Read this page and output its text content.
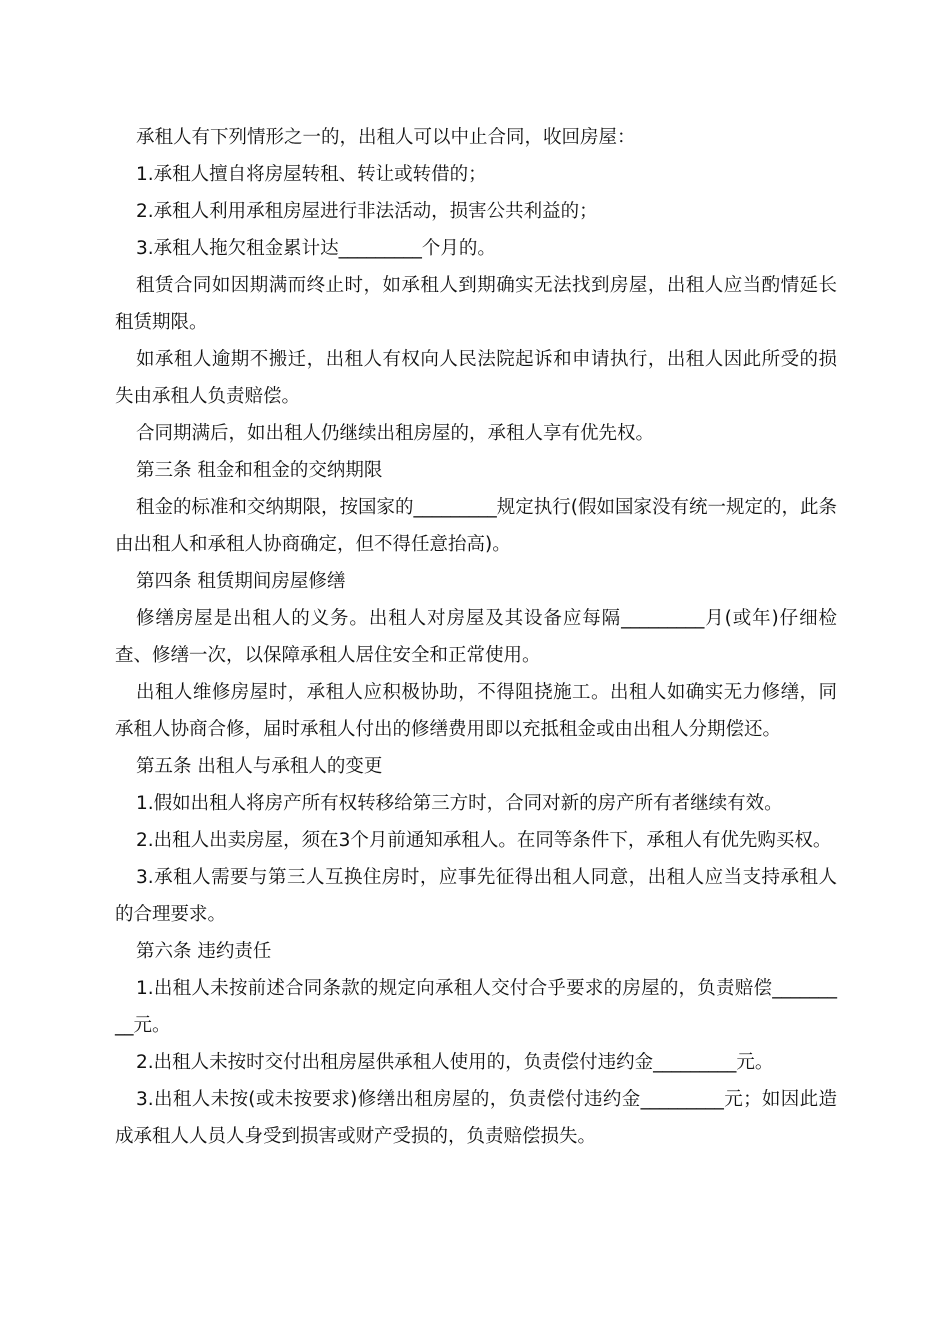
承租人有下列情形之一的，出租人可以中止合同，收回房屋：

1.承租人擅自将房屋转租、转让或转借的；

2.承租人利用承租房屋进行非法活动，损害公共利益的；

3.承租人拖欠租金累计达_________个月的。

租赁合同如因期满而终止时，如承租人到期确实无法找到房屋，出租人应当酌情延长租赁期限。

如承租人逾期不搬迁，出租人有权向人民法院起诉和申请执行，出租人因此所受的损失由承租人负责赔偿。

合同期满后，如出租人仍继续出租房屋的，承租人享有优先权。

第三条 租金和租金的交纳期限

租金的标准和交纳期限，按国家的_________规定执行(假如国家没有统一规定的，此条由出租人和承租人协商确定，但不得任意抬高)。

第四条 租赁期间房屋修缮

修缮房屋是出租人的义务。出租人对房屋及其设备应每隔_________月(或年)仔细检查、修缮一次，以保障承租人居住安全和正常使用。

出租人维修房屋时，承租人应积极协助，不得阻挠施工。出租人如确实无力修缮，同承租人协商合修，届时承租人付出的修缮费用即以充抵租金或由出租人分期偿还。

第五条 出租人与承租人的变更

1.假如出租人将房产所有权转移给第三方时，合同对新的房产所有者继续有效。

2.出租人出卖房屋，须在3个月前通知承租人。在同等条件下，承租人有优先购买权。

3.承租人需要与第三人互换住房时，应事先征得出租人同意，出租人应当支持承租人的合理要求。

第六条 违约责任

1.出租人未按前述合同条款的规定向承租人交付合乎要求的房屋的，负责赔偿_________元。

2.出租人未按时交付出租房屋供承租人使用的，负责偿付违约金_________元。

3.出租人未按(或未按要求)修缮出租房屋的，负责偿付违约金_________元；如因此造成承租人人员人身受到损害或财产受损的，负责赔偿损失。
